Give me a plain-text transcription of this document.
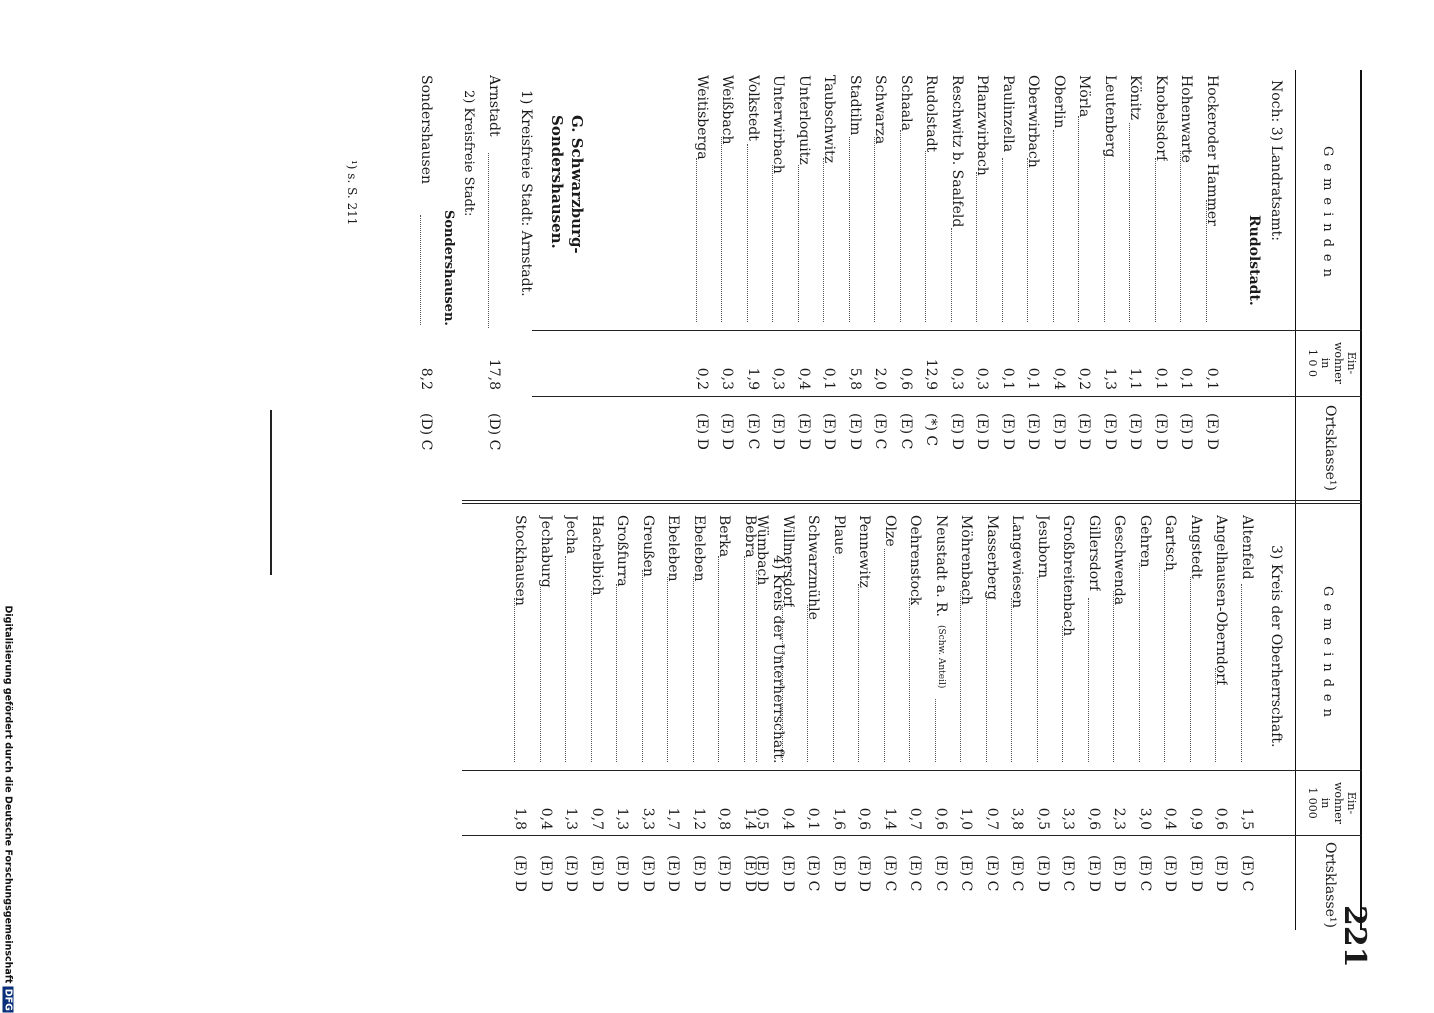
221
Gemeinden
Ein-
wohner
in
1 0 0
Ortsklasse¹)
Gemeinden
Ein-
wohner
in
1 000
Ortsklasse¹)
Noch: 3) Landratsamt:
Rudolstadt.
Hockeroder Hammer
0,1
(E) D
Hohenwarte
0,1
(E) D
Knobelsdorf
0,1
(E) D
Könitz
1,1
(E) D
Leutenberg
1,3
(E) D
Mörla
0,2
(E) D
Oberlin
0,4
(E) D
Oberwirbach
0,1
(E) D
Paulinzella
0,1
(E) D
Pflanzwirbach
0,3
(E) D
Reschwitz b. Saalfeld
0,3
(E) D
Rudolstadt
12,9
(*) C
Schaala
0,6
(E) C
Schwarza
2,0
(E) C
Stadtilm
5,8
(E) D
Taubschwitz
0,1
(E) D
Unterloquitz
0,4
(E) D
Unterwirbach
0,3
(E) D
Volkstedt
1,9
(E) C
Weißbach
0,3
(E) D
Weitisberga
0,2
(E) D
G. Schwarzburg-
Sondershausen.
1) Kreisfreie Stadt: Arnstadt.
Arnstadt
17,8
(D) C
2) Kreisfreie Stadt:
Sondershausen.
Sondershausen
8,2
(D) C
¹) s. S. 211
3) Kreis der Oberherrschaft.
Altenfeld
1,5
(E) C
Angelhausen-Oberndorf
0,6
(E) D
Angstedt
0,9
(E) D
Gartsch
0,4
(E) D
Gehren
3,0
(E) C
Geschwenda
2,3
(E) D
Gillersdorf
0,6
(E) D
Großbreitenbach
3,3
(E) C
Jesuborn
0,5
(E) D
Langewiesen
3,8
(E) C
Masserberg
0,7
(E) C
Möhrenbach
1,0
(E) C
Neustadt a. R.
(Schw. Anteil)
0,6
(E) C
Oehrenstock
0,7
(E) C
Olze
1,4
(E) C
Pennewitz
0,6
(E) D
Plaue
1,6
(E) D
Schwarzmühle
0,1
(E) C
Willmersdorf
0,4
(E) D
Wümbach
0,5
(E) D
4) Kreis der Unterherrschaft.
Bebra
1,4
(E) D
Berka
0,8
(E) D
Ebeleben
1,2
(E) D
Ebeleben
1,7
(E) D
Greußen
3,3
(E) D
Großfurra
1,3
(E) D
Hachelbich
0,7
(E) D
Jecha
1,3
(E) D
Jechaburg
0,4
(E) D
Stockhausen
1,8
(E) D
Digitalisierung gefördert durch die Deutsche Forschungsgemeinschaft DFG
